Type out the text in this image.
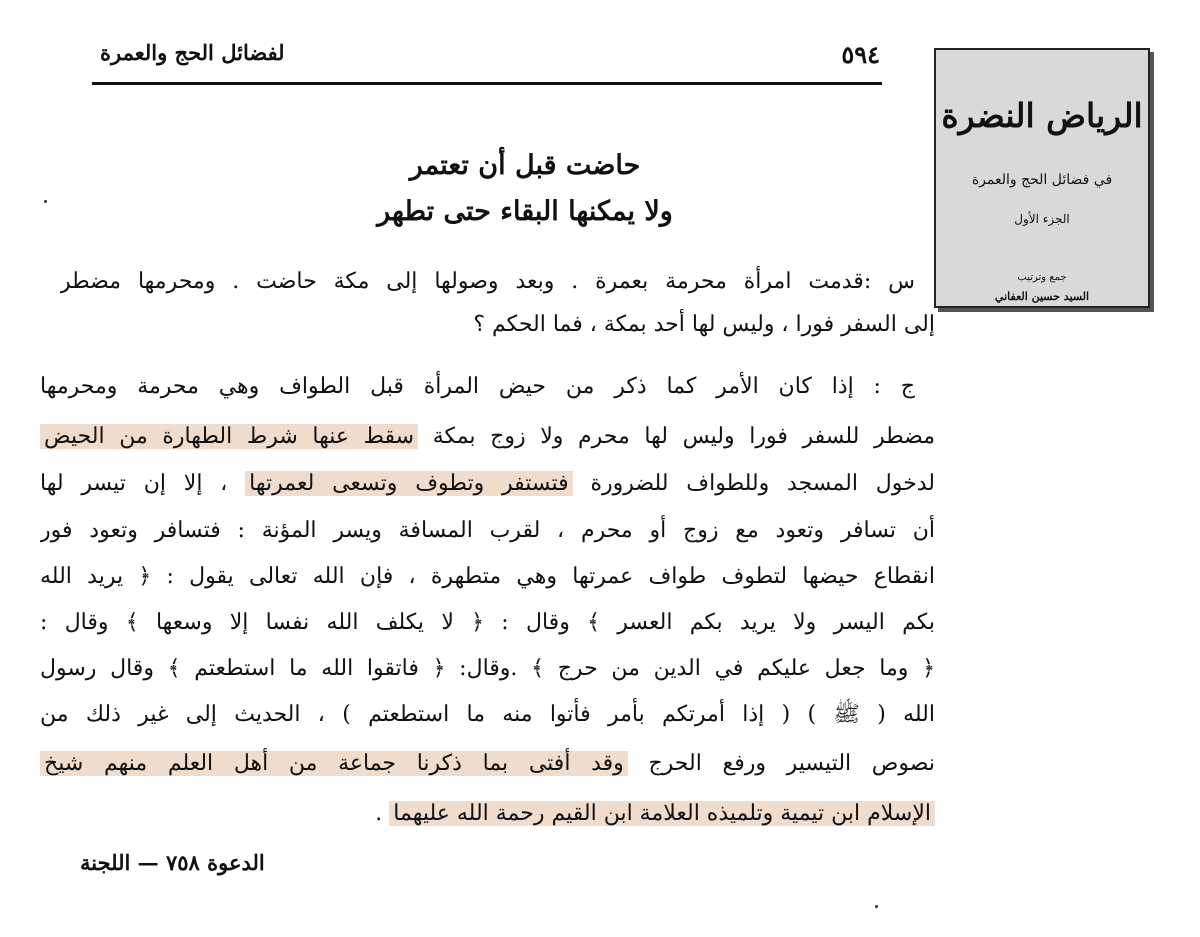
لفضائل الحج والعمرة	٥٩٤
حاضت قبل أن تعتمر
ولا يمكنها البقاء حتى تطهر
س :قدمت امرأة محرمة بعمرة . وبعد وصولها إلى مكة حاضت . ومحرمها مضطر
إلى السفر فورا ، وليس لها أحد بمكة ، فما الحكم ؟
ج : إذا كان الأمر كما ذكر من حيض المرأة قبل الطواف وهي محرمة ومحرمها
مضطر للسفر فورا وليس لها محرم ولا زوج بمكة سقط عنها شرط الطهارة من الحيض
لدخول المسجد وللطواف للضرورة فتستفر وتطوف وتسعى لعمرتها ، إلا إن تيسر لها
أن تسافر وتعود مع زوج أو محرم ، لقرب المسافة ويسر المؤنة : فتسافر وتعود فور
انقطاع حيضها لتطوف طواف عمرتها وهي متطهرة ، فإن الله تعالى يقول : ﴿ يريد الله
بكم اليسر ولا يريد بكم العسر ﴾ وقال : ﴿ لا يكلف الله نفسا إلا وسعها ﴾ وقال :
﴿ وما جعل عليكم في الدين من حرج ﴾ .وقال: ﴿ فاتقوا الله ما استطعتم ﴾ وقال رسول
الله ( ﷺ ) ( إذا أمرتكم بأمر فأتوا منه ما استطعتم ) ، الحديث إلى غير ذلك من
نصوص التيسير ورفع الحرج وقد أفتى بما ذكرنا جماعة من أهل العلم منهم شيخ
الإسلام ابن تيمية وتلميذه العلامة ابن القيم رحمة الله عليهما .
الدعوة ٧٥٨ — اللجنة
الرياض النضرة
في فضائل الحج والعمرة
الجزء الأول
جمع وترتيب
السيد حسين العفاني
